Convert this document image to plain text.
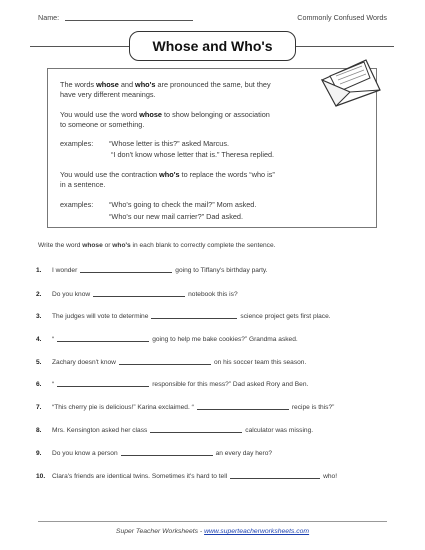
Name:	Commonly Confused Words
Whose and Who's
The words whose and who's are pronounced the same, but they
have very different meanings.
You would use the word whose to show belonging or association
to someone or something.
examples: “Whose letter is this?” asked Marcus.
“I don't know whose letter that is.” Theresa replied.
You would use the contraction who's to replace the words “who is”
in a sentence.
examples: “Who's going to check the mail?” Mom asked.
“Who's our new mail carrier?” Dad asked.
Write the word whose or who's in each blank to correctly complete the sentence.
1. I wonder	going to Tiffany's birthday party.
2. Do you know	notebook this is?
3. The judges will vote to determine	science project gets first place.
4. “	going to help me bake cookies?” Grandma asked.
5. Zachary doesn't know	on his soccer team this season.
6. “	responsible for this mess?” Dad asked Rory and Ben.
7. “This cherry pie is delicious!” Karina exclaimed. “	recipe is this?”
8. Mrs. Kensington asked her class	calculator was missing.
9. Do you know a person	an every day hero?
10. Clara's friends are identical twins. Sometimes it's hard to tell	who!
Super Teacher Worksheets - www.superteacherworksheets.com
